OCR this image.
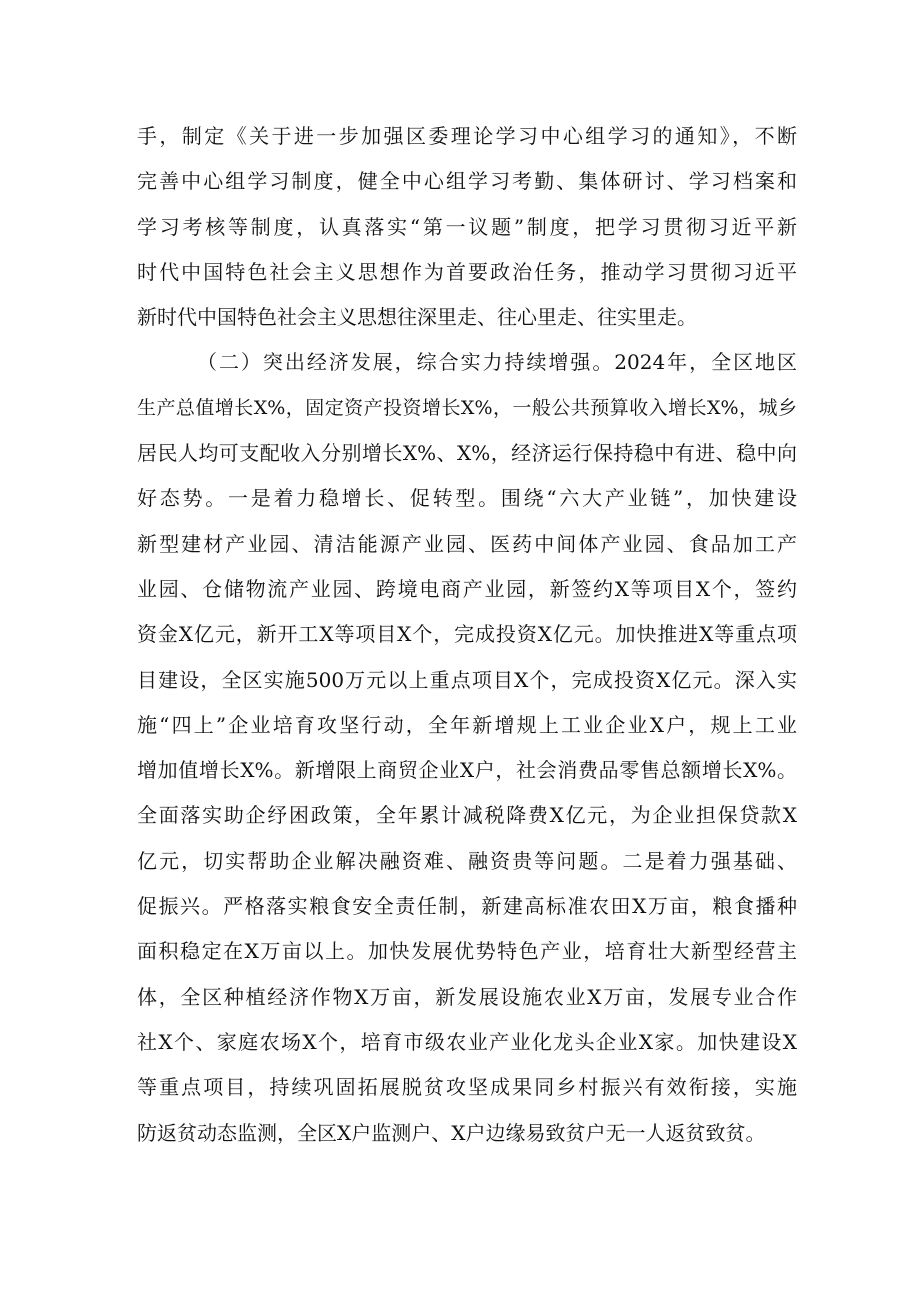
手，制定《关于进一步加强区委理论学习中心组学习的通知》，不断
完善中心组学习制度，健全中心组学习考勤、集体研讨、学习档案和
学习考核等制度，认真落实“第一议题”制度，把学习贯彻习近平新
时代中国特色社会主义思想作为首要政治任务，推动学习贯彻习近平
新时代中国特色社会主义思想往深里走、往心里走、往实里走。
（二）突出经济发展，综合实力持续增强。2024年，全区地区
生产总值增长X%，固定资产投资增长X%，一般公共预算收入增长X%，城乡
居民人均可支配收入分别增长X%、X%，经济运行保持稳中有进、稳中向
好态势。一是着力稳增长、促转型。围绕“六大产业链”，加快建设
新型建材产业园、清洁能源产业园、医药中间体产业园、食品加工产
业园、仓储物流产业园、跨境电商产业园，新签约X等项目X个，签约
资金X亿元，新开工X等项目X个，完成投资X亿元。加快推进X等重点项
目建设，全区实施500万元以上重点项目X个，完成投资X亿元。深入实
施“四上”企业培育攻坚行动，全年新增规上工业企业X户，规上工业
增加值增长X%。新增限上商贸企业X户，社会消费品零售总额增长X%。
全面落实助企纾困政策，全年累计减税降费X亿元，为企业担保贷款X
亿元，切实帮助企业解决融资难、融资贵等问题。二是着力强基础、
促振兴。严格落实粮食安全责任制，新建高标准农田X万亩，粮食播种
面积稳定在X万亩以上。加快发展优势特色产业，培育壮大新型经营主
体，全区种植经济作物X万亩，新发展设施农业X万亩，发展专业合作
社X个、家庭农场X个，培育市级农业产业化龙头企业X家。加快建设X
等重点项目，持续巩固拓展脱贫攻坚成果同乡村振兴有效衔接，实施
防返贫动态监测，全区X户监测户、X户边缘易致贫户无一人返贫致贫。
